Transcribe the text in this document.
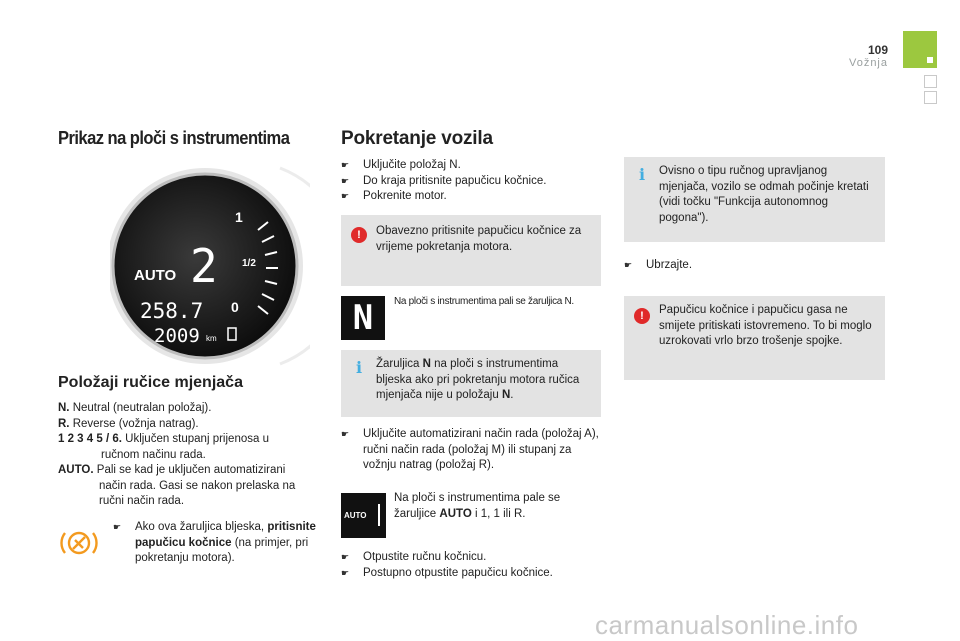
109
Vožnja
Prikaz na ploči s instrumentima
AUTO 2
1
1/2
0
258.7
2009 km
Položaji ručice mjenjača
N. Neutral (neutralan položaj).
R. Reverse (vožnja natrag).
1 2 3 4 5 / 6. Uključen stupanj prijenosa u
ručnom načinu rada.
AUTO. Pali se kad je uključen automatizirani
način rada. Gasi se nakon prelaska na
ručni način rada.
☛ Ako ova žaruljica bljeska, pritisnite papučicu kočnice (na primjer, pri pokretanju motora).
Pokretanje vozila
☛ Uključite položaj N.
☛ Do kraja pritisnite papučicu kočnice.
☛ Pokrenite motor.
!	Obavezno pritisnite papučicu kočnice za vrijeme pokretanja motora.
N	Na ploči s instrumentima pali se žaruljica N.
i	Žaruljica N na ploči s instrumentima bljeska ako pri pokretanju motora ručica mjenjača nije u položaju N.
☛ Uključite automatizirani način rada (položaj A), ručni način rada (položaj M) ili stupanj za vožnju natrag (položaj R).
AUTO
Na ploči s instrumentima pale se žaruljice AUTO i 1, 1 ili R.
☛ Otpustite ručnu kočnicu.
☛ Postupno otpustite papučicu kočnice.
i	Ovisno o tipu ručnog upravljanog mjenjača, vozilo se odmah počinje kretati (vidi točku "Funkcija autonomnog pogona").
☛ Ubrzajte.
!	Papučicu kočnice i papučicu gasa ne smijete pritiskati istovremeno. To bi moglo uzrokovati vrlo brzo trošenje spojke.
carmanualsonline.info
